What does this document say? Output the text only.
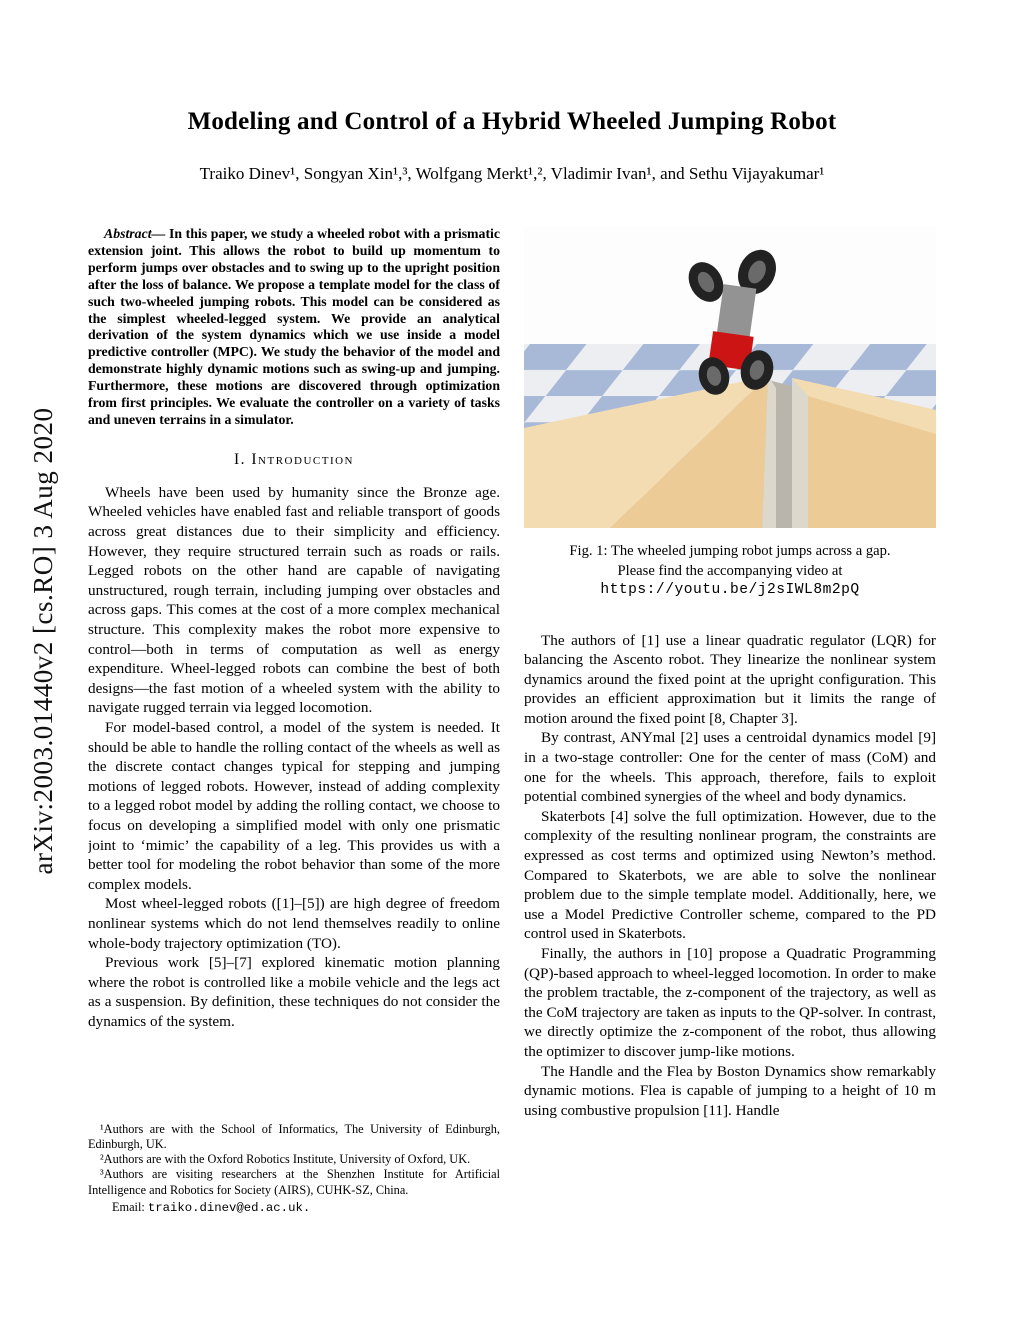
arXiv:2003.01440v2 [cs.RO] 3 Aug 2020
Modeling and Control of a Hybrid Wheeled Jumping Robot
Traiko Dinev¹, Songyan Xin¹,³, Wolfgang Merkt¹,², Vladimir Ivan¹, and Sethu Vijayakumar¹

Abstract— In this paper, we study a wheeled robot with a prismatic extension joint. This allows the robot to build up momentum to perform jumps over obstacles and to swing up to the upright position after the loss of balance. We propose a template model for the class of such two-wheeled jumping robots. This model can be considered as the simplest wheeled-legged system. We provide an analytical derivation of the system dynamics which we use inside a model predictive controller (MPC). We study the behavior of the model and demonstrate highly dynamic motions such as swing-up and jumping. Furthermore, these motions are discovered through optimization from first principles. We evaluate the controller on a variety of tasks and uneven terrains in a simulator.

I. Introduction

Wheels have been used by humanity since the Bronze age. Wheeled vehicles have enabled fast and reliable transport of goods across great distances due to their simplicity and efficiency. However, they require structured terrain such as roads or rails. Legged robots on the other hand are capable of navigating unstructured, rough terrain, including jumping over obstacles and across gaps. This comes at the cost of a more complex mechanical structure. This complexity makes the robot more expensive to control—both in terms of computation as well as energy expenditure. Wheel-legged robots can combine the best of both designs—the fast motion of a wheeled system with the ability to navigate rugged terrain via legged locomotion.

For model-based control, a model of the system is needed. It should be able to handle the rolling contact of the wheels as well as the discrete contact changes typical for stepping and jumping motions of legged robots. However, instead of adding complexity to a legged robot model by adding the rolling contact, we choose to focus on developing a simplified model with only one prismatic joint to ‘mimic’ the capability of a leg. This provides us with a better tool for modeling the robot behavior than some of the more complex models.

Most wheel-legged robots ([1]–[5]) are high degree of freedom nonlinear systems which do not lend themselves readily to online whole-body trajectory optimization (TO).

Previous work [5]–[7] explored kinematic motion planning where the robot is controlled like a mobile vehicle and the legs act as a suspension. By definition, these techniques do not consider the dynamics of the system.

¹Authors are with the School of Informatics, The University of Edinburgh, Edinburgh, UK.

²Authors are with the Oxford Robotics Institute, University of Oxford, UK.

³Authors are visiting researchers at the Shenzhen Institute for Artificial Intelligence and Robotics for Society (AIRS), CUHK-SZ, China.

Email: traiko.dinev@ed.ac.uk.

Fig. 1: The wheeled jumping robot jumps across a gap.
Please find the accompanying video at
https://youtu.be/j2sIWL8m2pQ

The authors of [1] use a linear quadratic regulator (LQR) for balancing the Ascento robot. They linearize the nonlinear system dynamics around the fixed point at the upright configuration. This provides an efficient approximation but it limits the range of motion around the fixed point [8, Chapter 3].

By contrast, ANYmal [2] uses a centroidal dynamics model [9] in a two-stage controller: One for the center of mass (CoM) and one for the wheels. This approach, therefore, fails to exploit potential combined synergies of the wheel and body dynamics.

Skaterbots [4] solve the full optimization. However, due to the complexity of the resulting nonlinear program, the constraints are expressed as cost terms and optimized using Newton’s method. Compared to Skaterbots, we are able to solve the nonlinear problem due to the simple template model. Additionally, here, we use a Model Predictive Controller scheme, compared to the PD control used in Skaterbots.

Finally, the authors in [10] propose a Quadratic Programming (QP)-based approach to wheel-legged locomotion. In order to make the problem tractable, the z-component of the trajectory, as well as the CoM trajectory are taken as inputs to the QP-solver. In contrast, we directly optimize the z-component of the robot, thus allowing the optimizer to discover jump-like motions.

The Handle and the Flea by Boston Dynamics show remarkably dynamic motions. Flea is capable of jumping to a height of 10 m using combustive propulsion [11]. Handle
